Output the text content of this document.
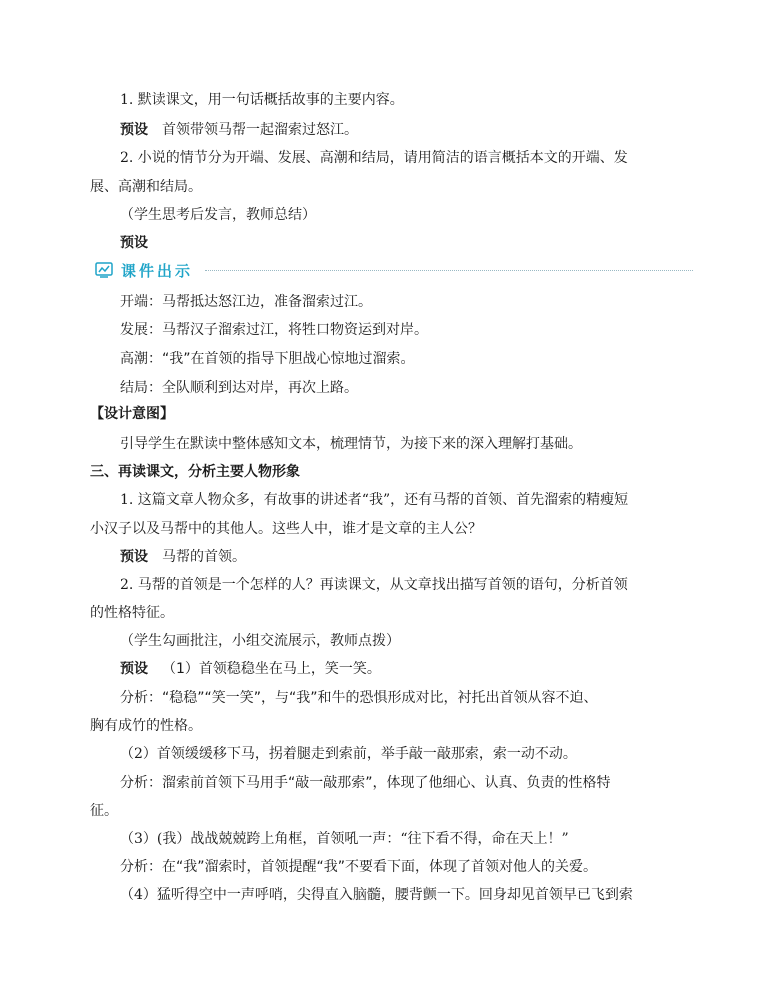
1. 默读课文，用一句话概括故事的主要内容。
预设 首领带领马帮一起溜索过怒江。
2. 小说的情节分为开端、发展、高潮和结局，请用简洁的语言概括本文的开端、发
展、高潮和结局。
（学生思考后发言，教师总结）
预设
课件出示
开端：马帮抵达怒江边，准备溜索过江。
发展：马帮汉子溜索过江，将牲口物资运到对岸。
高潮：“我”在首领的指导下胆战心惊地过溜索。
结局：全队顺利到达对岸，再次上路。
【设计意图】
引导学生在默读中整体感知文本，梳理情节，为接下来的深入理解打基础。
三、再读课文，分析主要人物形象
1. 这篇文章人物众多，有故事的讲述者“我”，还有马帮的首领、首先溜索的精瘦短
小汉子以及马帮中的其他人。这些人中，谁才是文章的主人公？
预设 马帮的首领。
2. 马帮的首领是一个怎样的人？再读课文，从文章找出描写首领的语句，分析首领
的性格特征。
（学生勾画批注，小组交流展示，教师点拨）
预设 （1）首领稳稳坐在马上，笑一笑。
分析：“稳稳”“笑一笑”，与“我”和牛的恐惧形成对比，衬托出首领从容不迫、
胸有成竹的性格。
（2）首领缓缓移下马，拐着腿走到索前，举手敲一敲那索，索一动不动。
分析：溜索前首领下马用手“敲一敲那索”，体现了他细心、认真、负责的性格特
征。
（3）(我）战战兢兢跨上角框，首领吼一声：“往下看不得，命在天上！”
分析：在“我”溜索时，首领提醒“我”不要看下面，体现了首领对他人的关爱。
（4）猛听得空中一声呼哨，尖得直入脑髓，腰背颤一下。回身却见首领早已飞到索
